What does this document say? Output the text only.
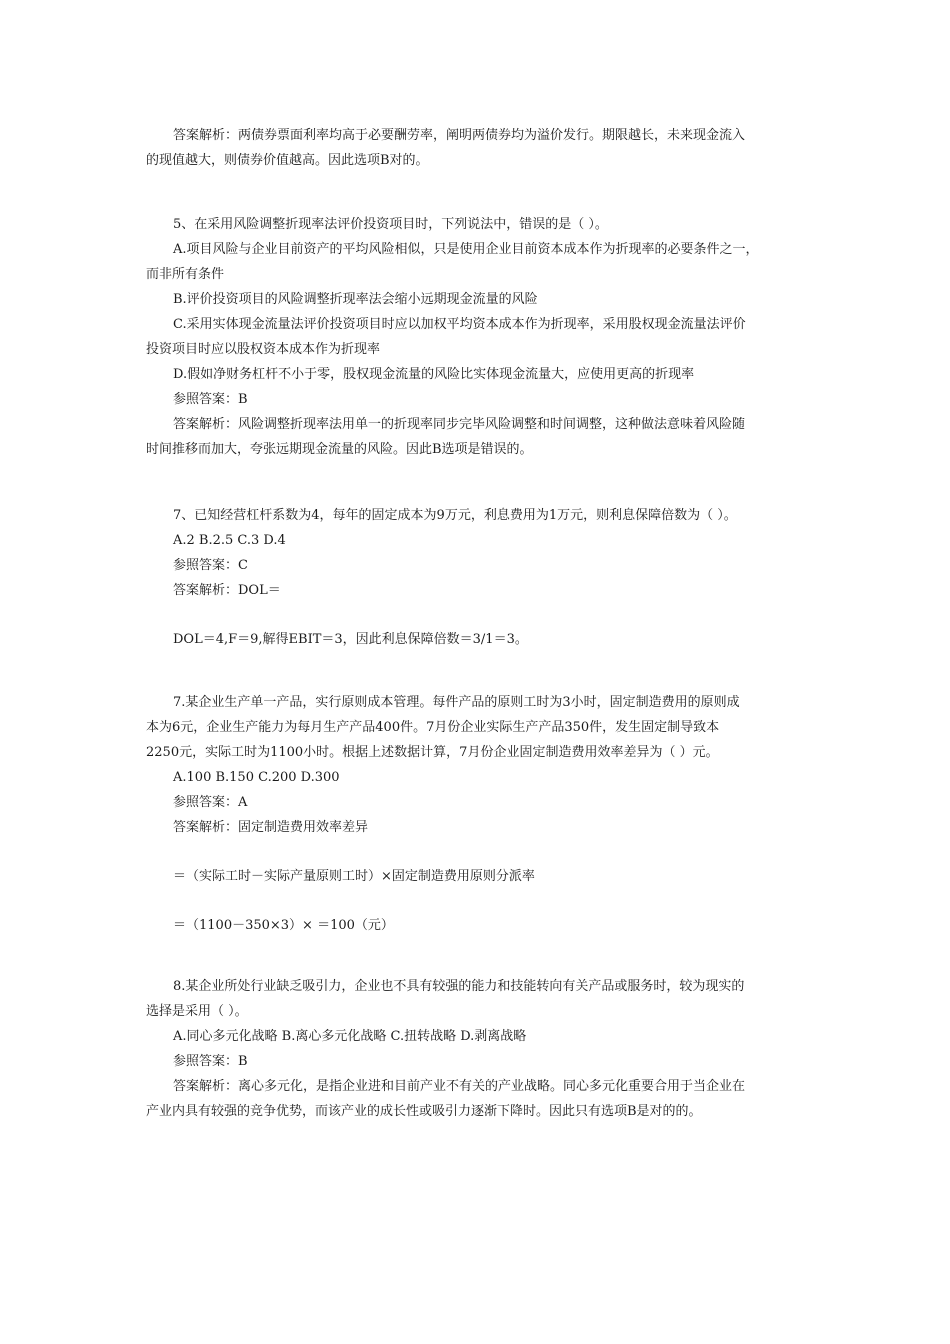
答案解析：两债券票面利率均高于必要酬劳率，阐明两债券均为溢价发行。期限越长，未来现金流入
的现值越大，则债券价值越高。因此选项B对的。
5、在采用风险调整折现率法评价投资项目时，下列说法中，错误的是（ ）。
A.项目风险与企业目前资产的平均风险相似，只是使用企业目前资本成本作为折现率的必要条件之一，
而非所有条件
B.评价投资项目的风险调整折现率法会缩小远期现金流量的风险
C.采用实体现金流量法评价投资项目时应以加权平均资本成本作为折现率，采用股权现金流量法评价
投资项目时应以股权资本成本作为折现率
D.假如净财务杠杆不小于零，股权现金流量的风险比实体现金流量大，应使用更高的折现率
参照答案：B
答案解析：风险调整折现率法用单一的折现率同步完毕风险调整和时间调整，这种做法意味着风险随
时间推移而加大，夸张远期现金流量的风险。因此B选项是错误的。
7、已知经营杠杆系数为4，每年的固定成本为9万元，利息费用为1万元，则利息保障倍数为（ ）。
A.2 B.2.5 C.3 D.4
参照答案：C
答案解析：DOL＝
DOL＝4,F＝9,解得EBIT＝3，因此利息保障倍数＝3/1＝3。
7.某企业生产单一产品，实行原则成本管理。每件产品的原则工时为3小时，固定制造费用的原则成
本为6元，企业生产能力为每月生产产品400件。7月份企业实际生产产品350件，发生固定制导致本
2250元，实际工时为1100小时。根据上述数据计算，7月份企业固定制造费用效率差异为（ ）元。
A.100 B.150 C.200 D.300
参照答案：A
答案解析：固定制造费用效率差异
＝（实际工时－实际产量原则工时）×固定制造费用原则分派率
＝（1100－350×3）× ＝100（元）
8.某企业所处行业缺乏吸引力，企业也不具有较强的能力和技能转向有关产品或服务时，较为现实的
选择是采用（ ）。
A.同心多元化战略 B.离心多元化战略 C.扭转战略 D.剥离战略
参照答案：B
答案解析：离心多元化，是指企业进和目前产业不有关的产业战略。同心多元化重要合用于当企业在
产业内具有较强的竞争优势，而该产业的成长性或吸引力逐渐下降时。因此只有选项B是对的的。
